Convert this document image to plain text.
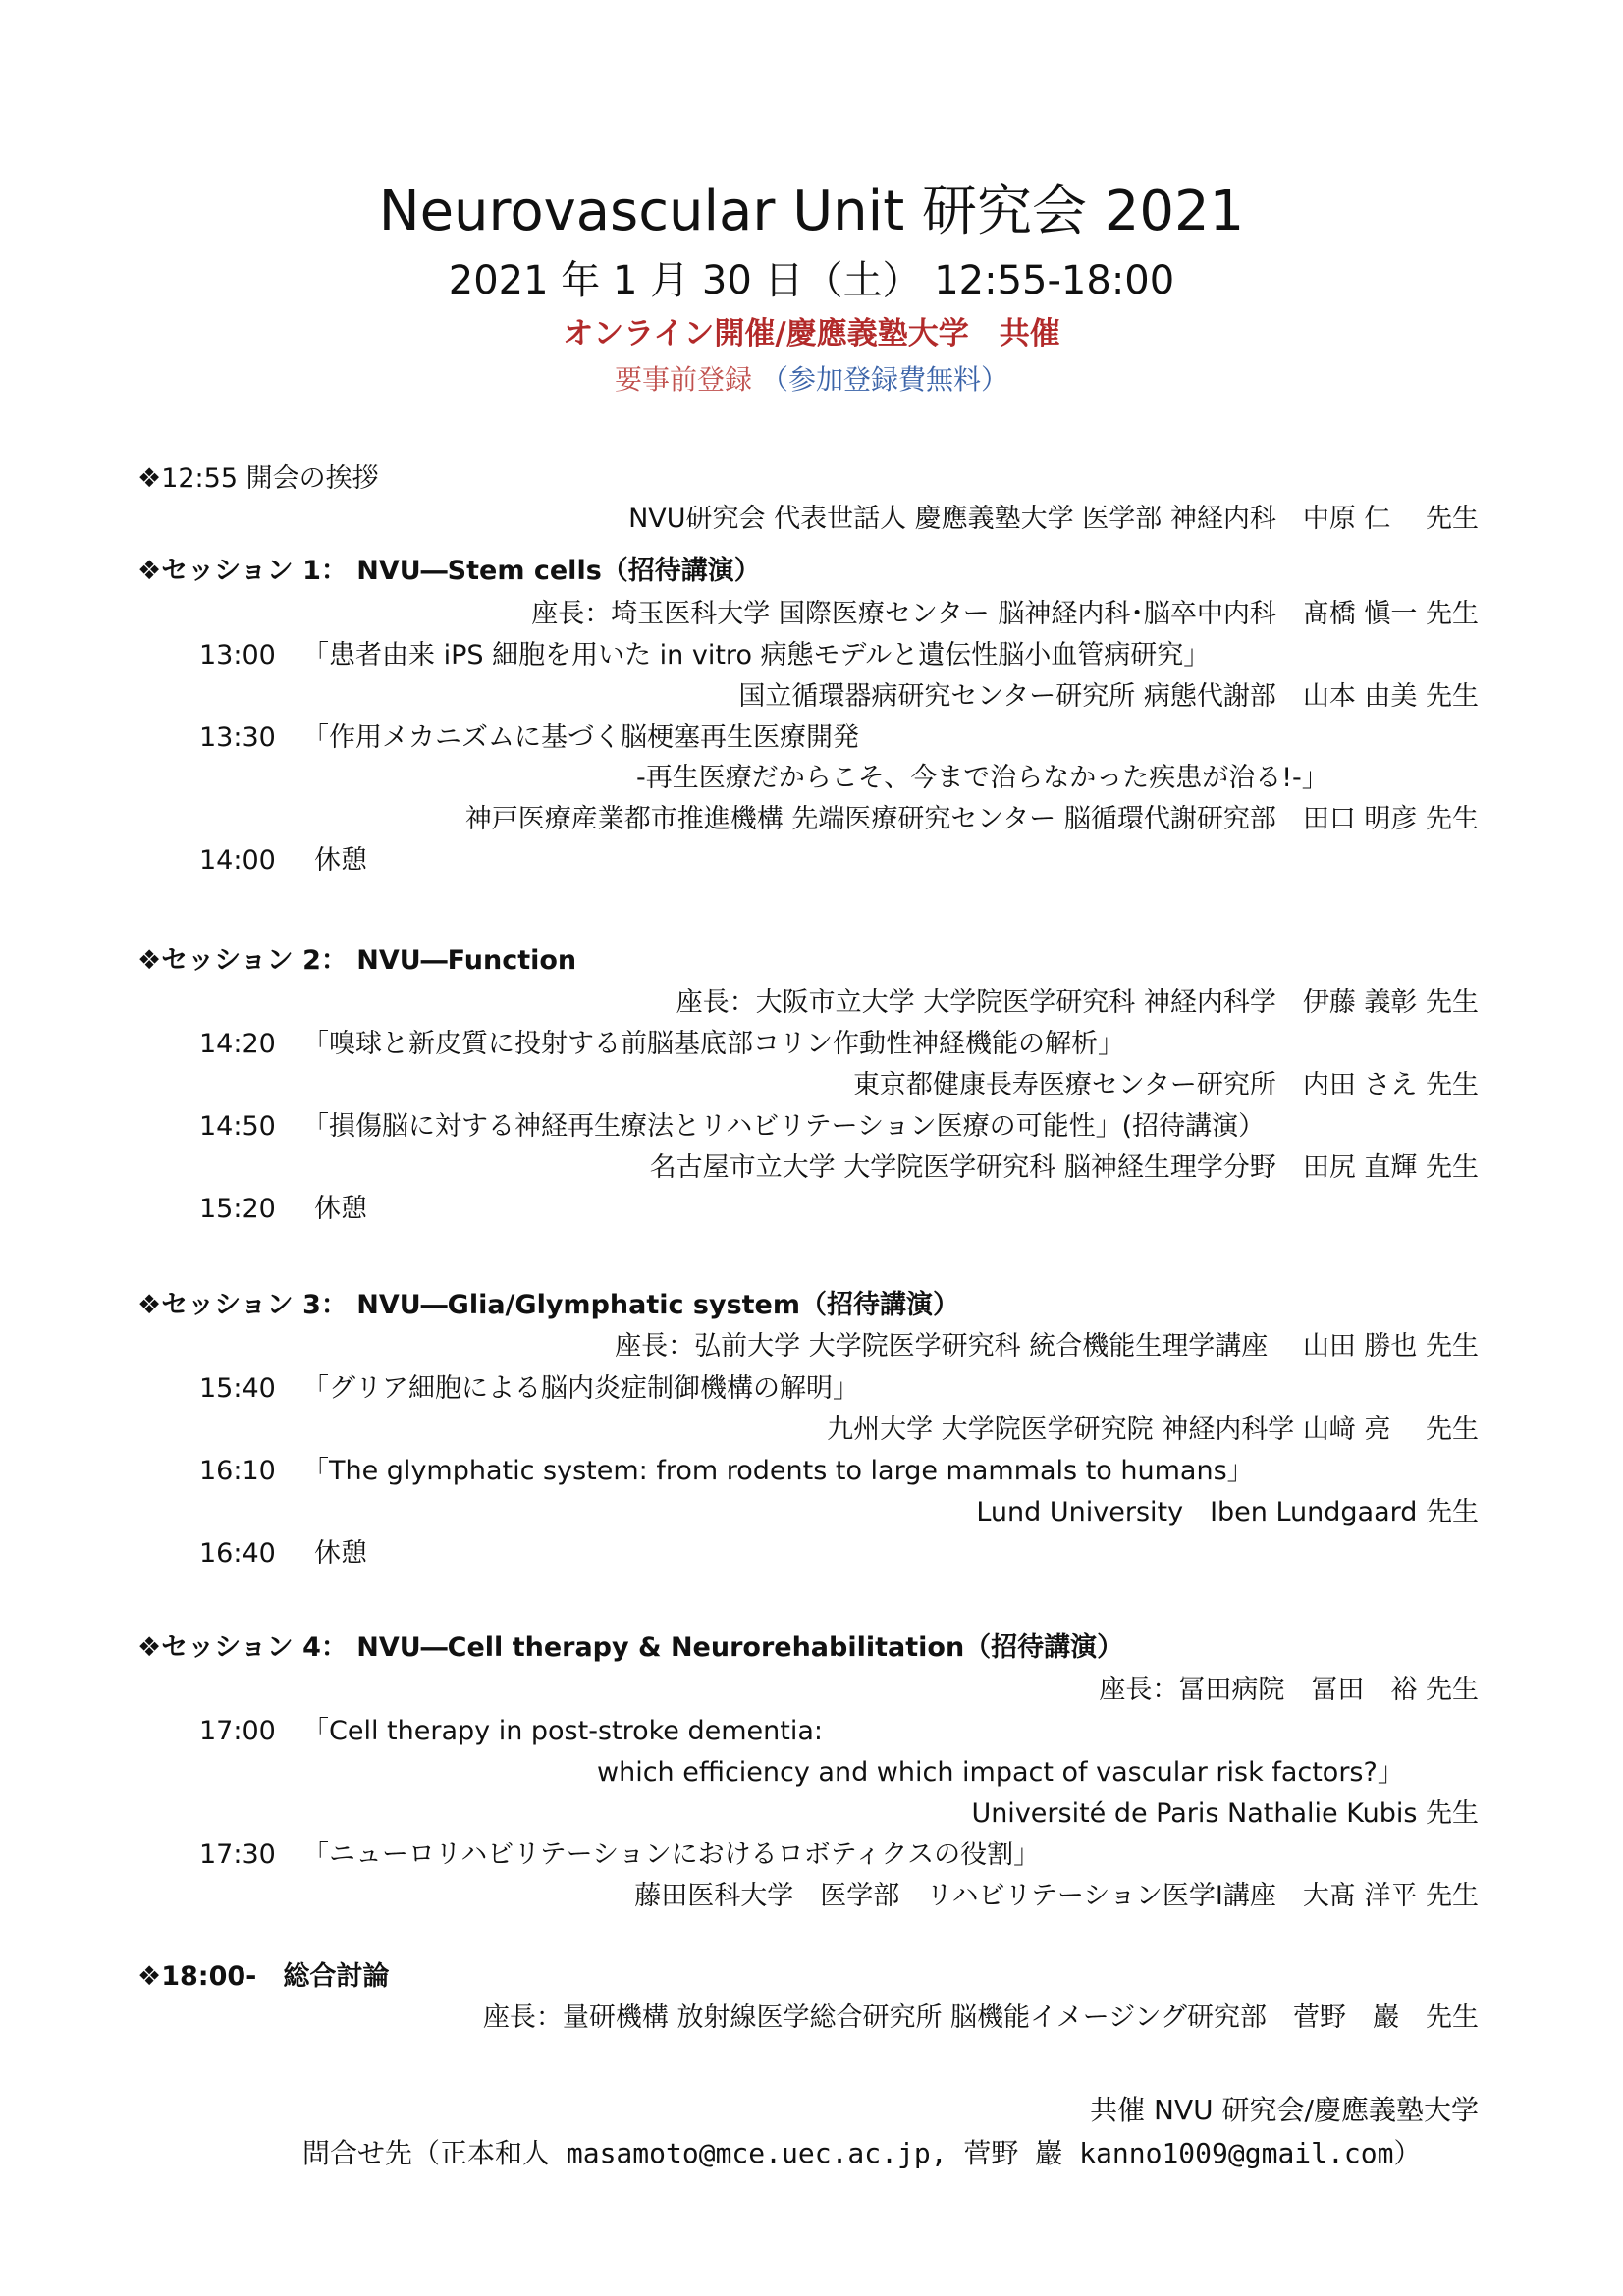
Neurovascular Unit 研究会 2021
2021 年 1 月 30 日（土） 12:55-18:00
オンライン開催/慶應義塾大学　共催
要事前登録 （参加登録費無料）
❖12:55 開会の挨拶
NVU研究会 代表世話人 慶應義塾大学 医学部 神経内科　中原 仁　 先生
❖セッション 1： NVU―Stem cells（招待講演）
座長：埼玉医科大学 国際医療センター 脳神経内科･脳卒中内科　髙橋 愼一 先生
13:00 「患者由来 iPS 細胞を用いた in vitro 病態モデルと遺伝性脳小血管病研究」
国立循環器病研究センター研究所 病態代謝部　山本 由美 先生
13:30 「作用メカニズムに基づく脳梗塞再生医療開発
-再生医療だからこそ、今まで治らなかった疾患が治る!-」
神戸医療産業都市推進機構 先端医療研究センター 脳循環代謝研究部　田口 明彦 先生
14:00 休憩
❖セッション 2： NVU―Function
座長：大阪市立大学 大学院医学研究科 神経内科学　伊藤 義彰 先生
14:20 「嗅球と新皮質に投射する前脳基底部コリン作動性神経機能の解析」
東京都健康長寿医療センター研究所　内田 さえ 先生
14:50 「損傷脳に対する神経再生療法とリハビリテーション医療の可能性」(招待講演）
名古屋市立大学 大学院医学研究科 脳神経生理学分野　田尻 直輝 先生
15:20 休憩
❖セッション 3： NVU―Glia/Glymphatic system（招待講演）
座長：弘前大学 大学院医学研究科 統合機能生理学講座　 山田 勝也 先生
15:40 「グリア細胞による脳内炎症制御機構の解明」
九州大学 大学院医学研究院 神経内科学 山﨑 亮　 先生
16:10 「The glymphatic system: from rodents to large mammals to humans」
Lund University　Iben Lundgaard 先生
16:40 休憩
❖セッション 4： NVU―Cell therapy & Neurorehabilitation（招待講演）
座長：冨田病院　冨田　裕 先生
17:00 「Cell therapy in post-stroke dementia:
which efficiency and which impact of vascular risk factors?」
Université de Paris Nathalie Kubis 先生
17:30 「ニューロリハビリテーションにおけるロボティクスの役割」
藤田医科大学　医学部　リハビリテーション医学Ⅰ講座　大髙 洋平 先生
❖18:00-　総合討論
座長：量研機構 放射線医学総合研究所 脳機能イメージング研究部　菅野　巖　先生
共催 NVU 研究会/慶應義塾大学
問合せ先（正本和人 masamoto@mce.uec.ac.jp, 菅野 巖 kanno1009@gmail.com）
